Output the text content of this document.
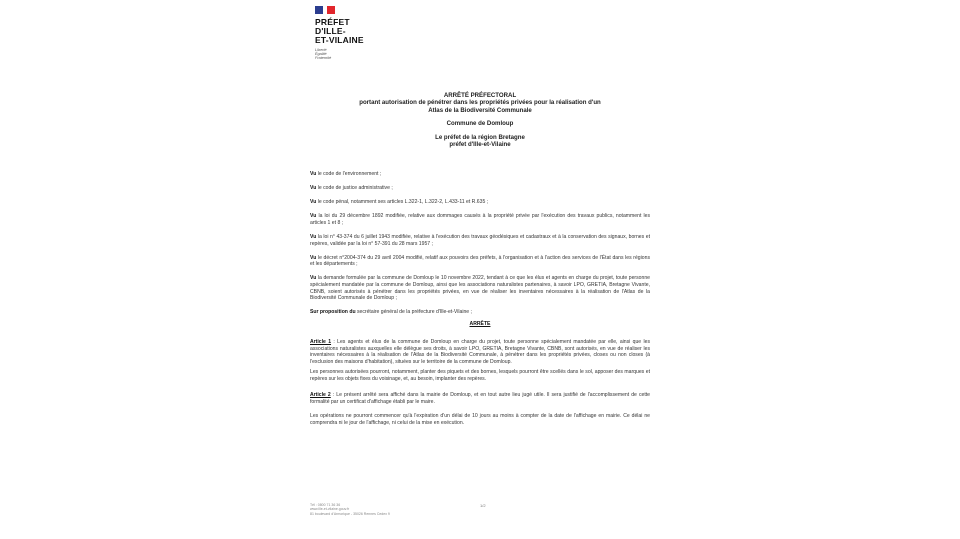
PRÉFET
D'ILLE-
ET-VILAINE
Liberté
Égalité
Fraternité
ARRÊTÉ PRÉFECTORAL
portant autorisation de pénétrer dans les propriétés privées pour la réalisation d'un
Atlas de la Biodiversité Communale
Commune de Domloup
Le préfet de la région Bretagne
préfet d'Ille-et-Vilaine

Vu le code de l'environnement ;

Vu le code de justice administrative ;

Vu le code pénal, notamment ses articles L.322-1, L.322-2, L.433-11 et R.635 ;

Vu la loi du 29 décembre 1892 modifiée, relative aux dommages causés à la propriété privée par l'exécution des travaux publics, notamment les articles 1 et 8 ;

Vu la loi n° 43-374 du 6 juillet 1943 modifiée, relative à l'exécution des travaux géodésiques et cadastraux et à la conservation des signaux, bornes et repères, validée par la loi n° 57-391 du 28 mars 1957 ;

Vu le décret n°2004-374 du 29 avril 2004 modifié, relatif aux pouvoirs des préfets, à l'organisation et à l'action des services de l'État dans les régions et les départements ;

Vu la demande formulée par la commune de Domloup le 10 novembre 2022, tendant à ce que les élus et agents en charge du projet, toute personne spécialement mandatée par la commune de Domloup, ainsi que les associations naturalistes partenaires, à savoir LPO, GRETIA, Bretagne Vivante, CBNB, soient autorisés à pénétrer dans les propriétés privées, en vue de réaliser les inventaires nécessaires à la réalisation de l'Atlas de la Biodiversité Communale de Domloup ;

Sur proposition du secrétaire général de la préfecture d'Ille-et-Vilaine ;

ARRÊTE

Article 1 : Les agents et élus de la commune de Domloup en charge du projet, toute personne spécialement mandatée par elle, ainsi que les associations naturalistes auxquelles elle délègue ses droits, à savoir LPO, GRETIA, Bretagne Vivante, CBNB, sont autorisés, en vue de réaliser les inventaires nécessaires à la réalisation de l'Atlas de la Biodiversité Communale, à pénétrer dans les propriétés privées, closes ou non closes (à l'exclusion des maisons d'habitation), situées sur le territoire de la commune de Domloup.

Les personnes autorisées pourront, notamment, planter des piquets et des bornes, lesquels pourront être scellés dans le sol, apposer des marques et repères sur les objets fixes du voisinage, et, au besoin, implanter des repères.

Article 2 : Le présent arrêté sera affiché dans la mairie de Domloup, et en tout autre lieu jugé utile. Il sera justifié de l'accomplissement de cette formalité par un certificat d'affichage établi par le maire.

Les opérations ne pourront commencer qu'à l'expiration d'un délai de 10 jours au moins à compter de la date de l'affichage en mairie. Ce délai ne comprendra ni le jour de l'affichage, ni celui de la mise en exécution.

Tél : 0800 71 36 36
www.ille-et-vilaine.gouv.fr
81 boulevard d'Armorique - 35026 Rennes Cedex 9
1/2
